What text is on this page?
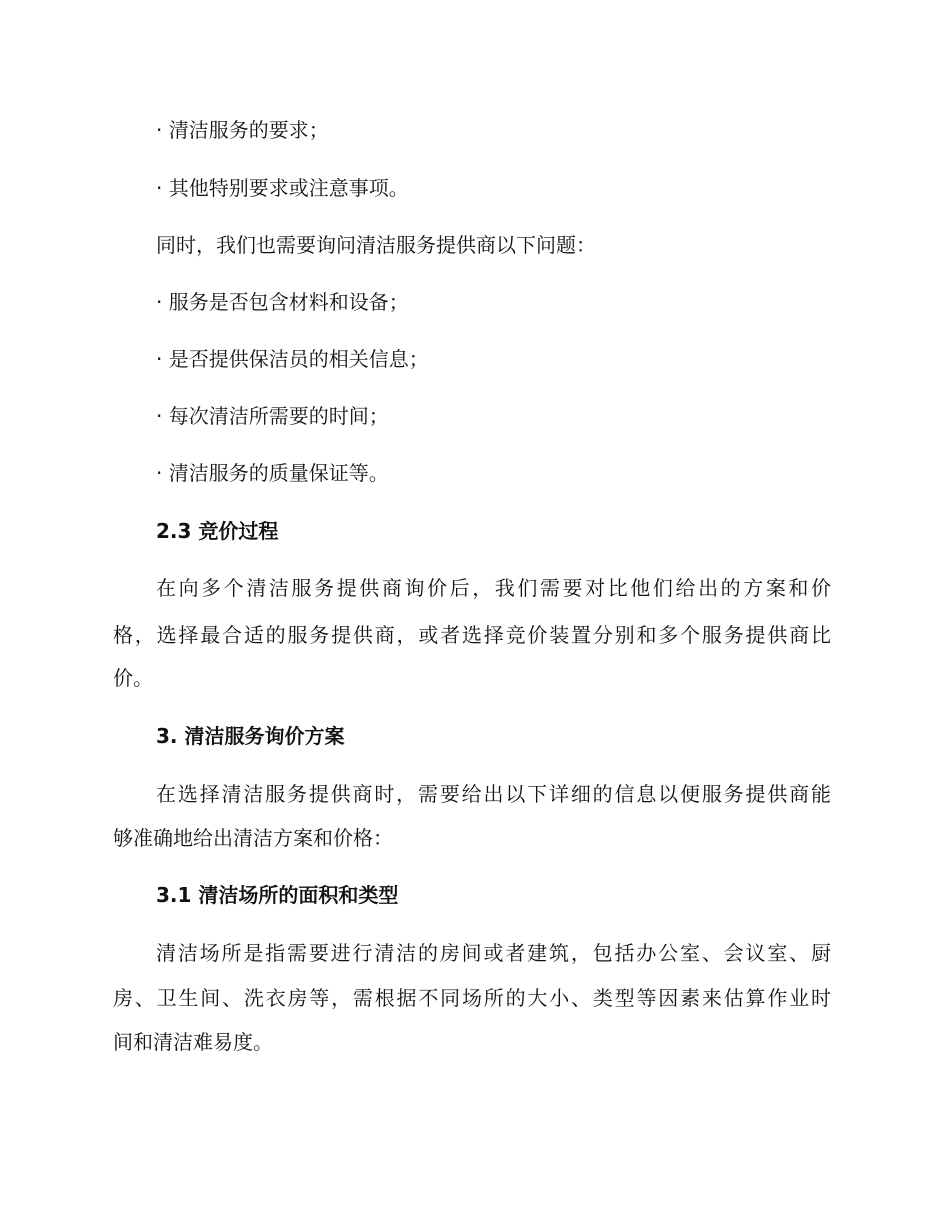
· 清洁服务的要求；
· 其他特别要求或注意事项。
同时，我们也需要询问清洁服务提供商以下问题：
· 服务是否包含材料和设备；
· 是否提供保洁员的相关信息；
· 每次清洁所需要的时间；
· 清洁服务的质量保证等。
2.3 竞价过程
在向多个清洁服务提供商询价后，我们需要对比他们给出的方案和价
格，选择最合适的服务提供商，或者选择竞价装置分别和多个服务提供商比
价。
3. 清洁服务询价方案
在选择清洁服务提供商时，需要给出以下详细的信息以便服务提供商能
够准确地给出清洁方案和价格：
3.1 清洁场所的面积和类型
清洁场所是指需要进行清洁的房间或者建筑，包括办公室、会议室、厨
房、卫生间、洗衣房等，需根据不同场所的大小、类型等因素来估算作业时
间和清洁难易度。
